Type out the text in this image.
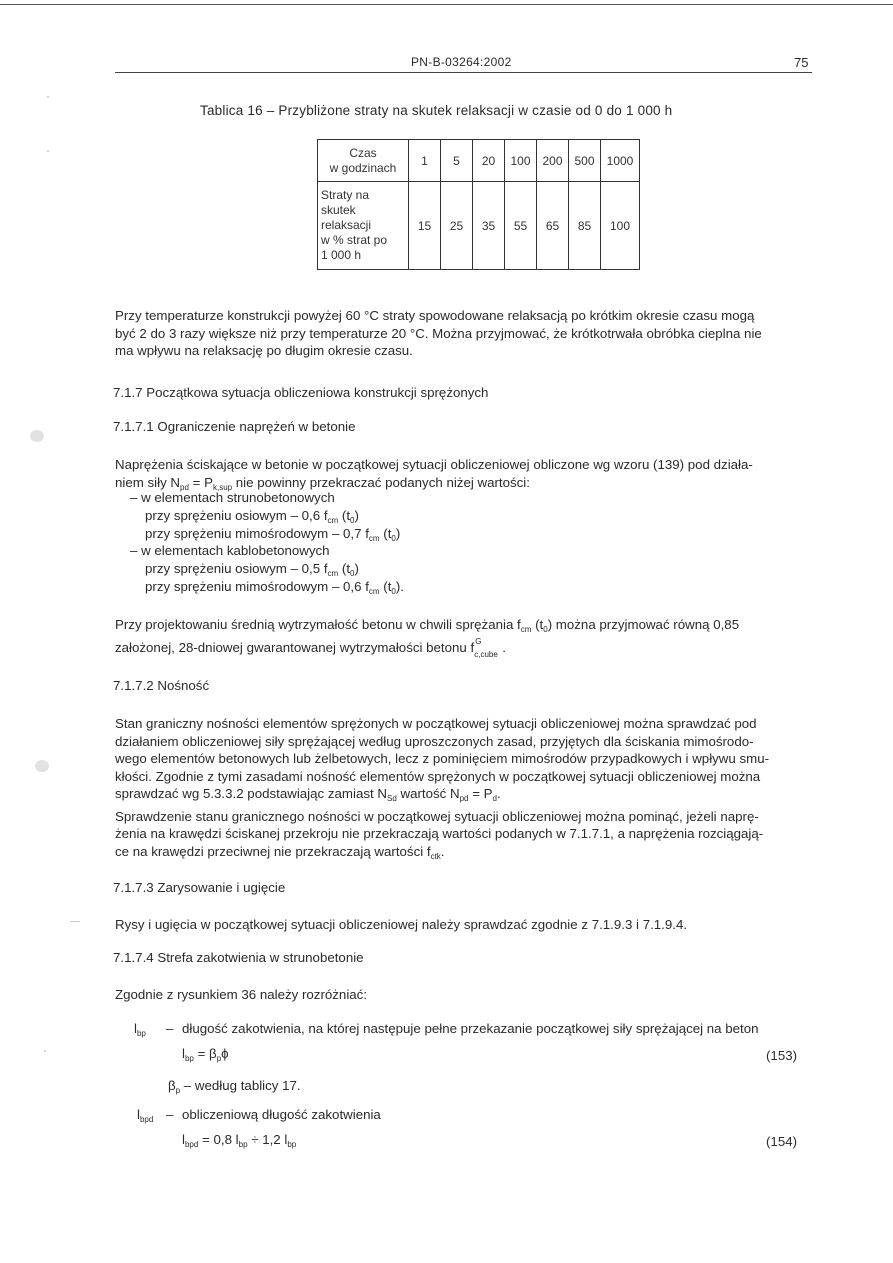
PN-B-03264:2002	75
Tablica 16 – Przybliżone straty na skutek relaksacji w czasie od 0 do 1 000 h
Czas
w godzinach	1	5	20	100	200	500	1000
Straty na
skutek
relaksacji
w % strat po
1 000 h	15	25	35	55	65	85	100
Przy temperaturze konstrukcji powyżej 60 °C straty spowodowane relaksacją po krótkim okresie czasu mogą
być 2 do 3 razy większe niż przy temperaturze 20 °C. Można przyjmować, że krótkotrwała obróbka cieplna nie
ma wpływu na relaksację po długim okresie czasu.
7.1.7 Początkowa sytuacja obliczeniowa konstrukcji sprężonych
7.1.7.1 Ograniczenie naprężeń w betonie
Naprężenia ściskające w betonie w początkowej sytuacji obliczeniowej obliczone wg wzoru (139) pod działa-
niem siły $N_{pd} = P_{k,sup}$ nie powinny przekraczać podanych niżej wartości:
– w elementach strunobetonowych
przy sprężeniu osiowym – 0,6 $f_{cm}$ $(t_0)$
przy sprężeniu mimośrodowym – 0,7 $f_{cm}$ $(t_0)$
– w elementach kablobetonowych
przy sprężeniu osiowym – 0,5 $f_{cm}$ $(t_0)$
przy sprężeniu mimośrodowym – 0,6 $f_{cm}$ $(t_0)$.
Przy projektowaniu średnią wytrzymałość betonu w chwili sprężania $f_{cm}$ $(t_0)$ można przyjmować równą 0,85
założonej, 28-dniowej gwarantowanej wytrzymałości betonu f G
c,cube .
7.1.7.2 Nośność
Stan graniczny nośności elementów sprężonych w początkowej sytuacji obliczeniowej można sprawdzać pod
działaniem obliczeniowej siły sprężającej według uproszczonych zasad, przyjętych dla ściskania mimośrodo-
wego elementów betonowych lub żelbetowych, lecz z pominięciem mimośrodów przypadkowych i wpływu smu-
kłości. Zgodnie z tymi zasadami nośność elementów sprężonych w początkowej sytuacji obliczeniowej można
sprawdzać wg 5.3.3.2 podstawiając zamiast $N_{Sd}$ wartość $N_{pd} = P_d$.
Sprawdzenie stanu granicznego nośności w początkowej sytuacji obliczeniowej można pominąć, jeżeli naprę-
żenia na krawędzi ściskanej przekroju nie przekraczają wartości podanych w 7.1.7.1, a naprężenia rozciągają-
ce na krawędzi przeciwnej nie przekraczają wartości $f_{ctk}$.
7.1.7.3 Zarysowanie i ugięcie
Rysy i ugięcia w początkowej sytuacji obliczeniowej należy sprawdzać zgodnie z 7.1.9.3 i 7.1.9.4.
7.1.7.4 Strefa zakotwienia w strunobetonie
Zgodnie z rysunkiem 36 należy rozróżniać:
$l_{bp}$ – długość zakotwienia, na której następuje pełne przekazanie początkowej siły sprężającej na beton
$l_{bp} = \beta_p\phi$	(153)
$\beta_p$ – według tablicy 17.
$l_{bpd}$ – obliczeniową długość zakotwienia
$l_{bpd} = 0,8$ $l_{bp} \div 1,2$ $l_{bp}$	(154)
